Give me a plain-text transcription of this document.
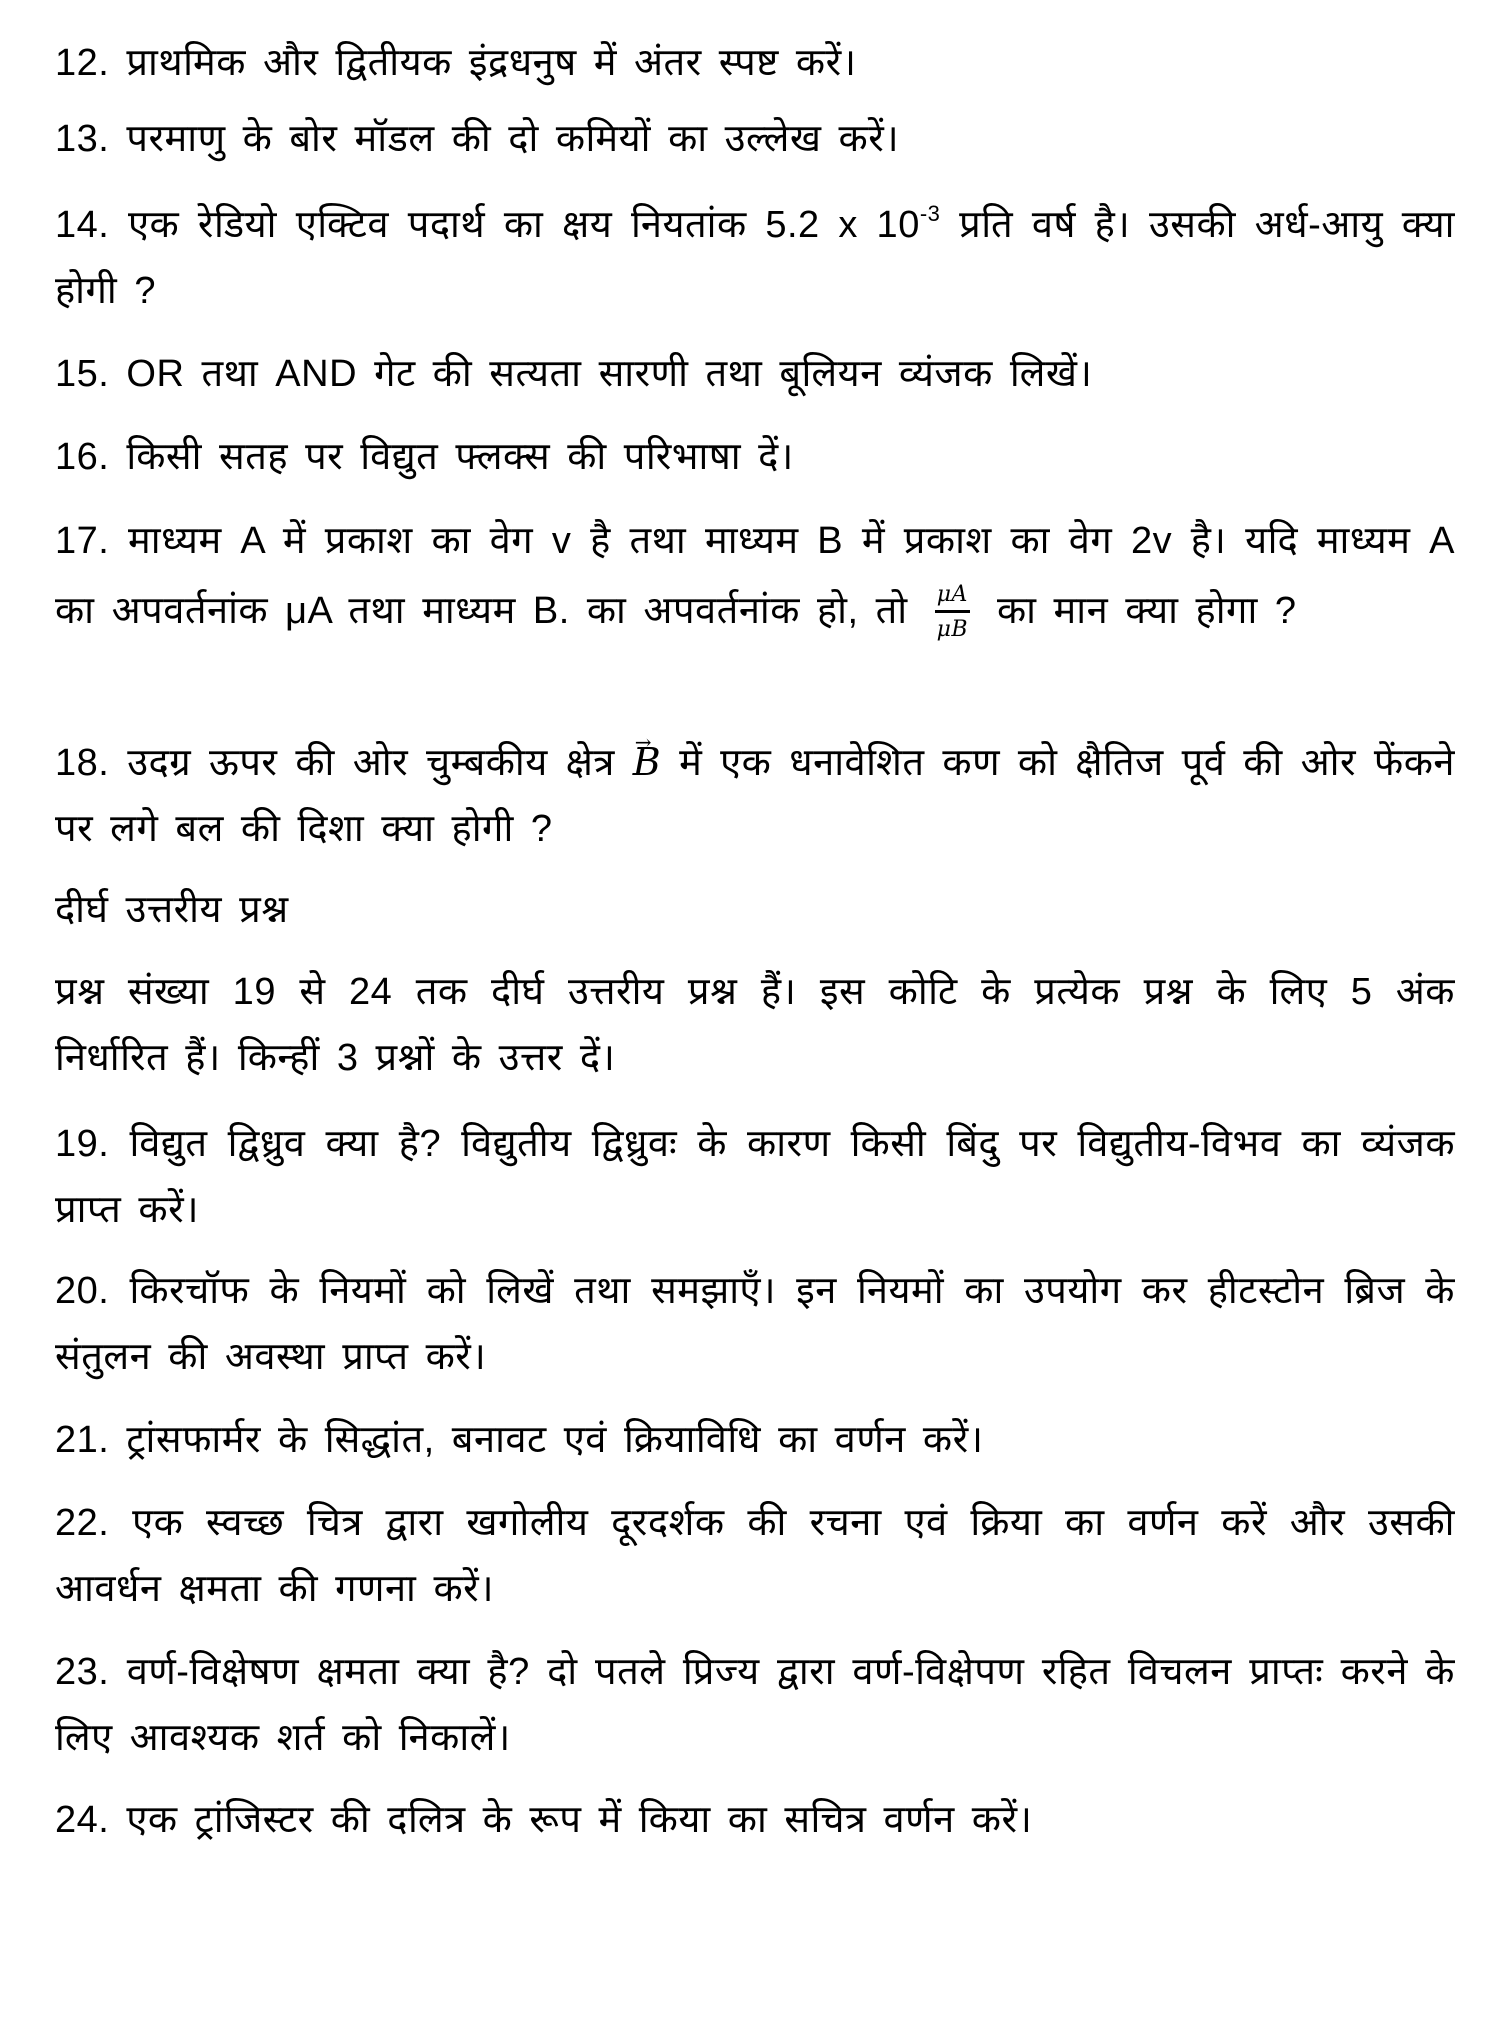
12. प्राथमिक और द्वितीयक इंद्रधनुष में अंतर स्पष्ट करें।

13. परमाणु के बोर मॉडल की दो कमियों का उल्लेख करें।

14. एक रेडियो एक्टिव पदार्थ का क्षय नियतांक 5.2 x $10^{-3}$ प्रति वर्ष है। उसकी अर्ध-आयु क्या होगी ?

15. OR तथा AND गेट की सत्यता सारणी तथा बूलियन व्यंजक लिखें।

16. किसी सतह पर विद्युत फ्लक्स की परिभाषा दें।

17. माध्यम A में प्रकाश का वेग v है तथा माध्यम B में प्रकाश का वेग 2v है। यदि माध्यम A का अपवर्तनांक μA तथा माध्यम B. का अपवर्तनांक हो, तो $\frac{\mu A}{\mu B}$ का मान क्या होगा ?

18. उदग्र ऊपर की ओर चुम्बकीय क्षेत्र → B में एक धनावेशित कण को क्षैतिज पूर्व की ओर फेंकने पर लगे बल की दिशा क्या होगी ?

दीर्घ उत्तरीय प्रश्न

प्रश्न संख्या 19 से 24 तक दीर्घ उत्तरीय प्रश्न हैं। इस कोटि के प्रत्येक प्रश्न के लिए 5 अंक निर्धारित हैं। किन्हीं 3 प्रश्नों के उत्तर दें।

19. विद्युत द्विध्रुव क्या है? विद्युतीय द्विध्रुवः के कारण किसी बिंदु पर विद्युतीय-विभव का व्यंजक प्राप्त करें।

20. किरचॉफ के नियमों को लिखें तथा समझाएँ। इन नियमों का उपयोग कर हीटस्टोन ब्रिज के संतुलन की अवस्था प्राप्त करें।

21. ट्रांसफार्मर के सिद्धांत, बनावट एवं क्रियाविधि का वर्णन करें।

22. एक स्वच्छ चित्र द्वारा खगोलीय दूरदर्शक की रचना एवं क्रिया का वर्णन करें और उसकी आवर्धन क्षमता की गणना करें।

23. वर्ण-विक्षेषण क्षमता क्या है? दो पतले प्रिज्य द्वारा वर्ण-विक्षेपण रहित विचलन प्राप्तः करने के लिए आवश्यक शर्त को निकालें।

24. एक ट्रांजिस्टर की दलित्र के रूप में किया का सचित्र वर्णन करें।
